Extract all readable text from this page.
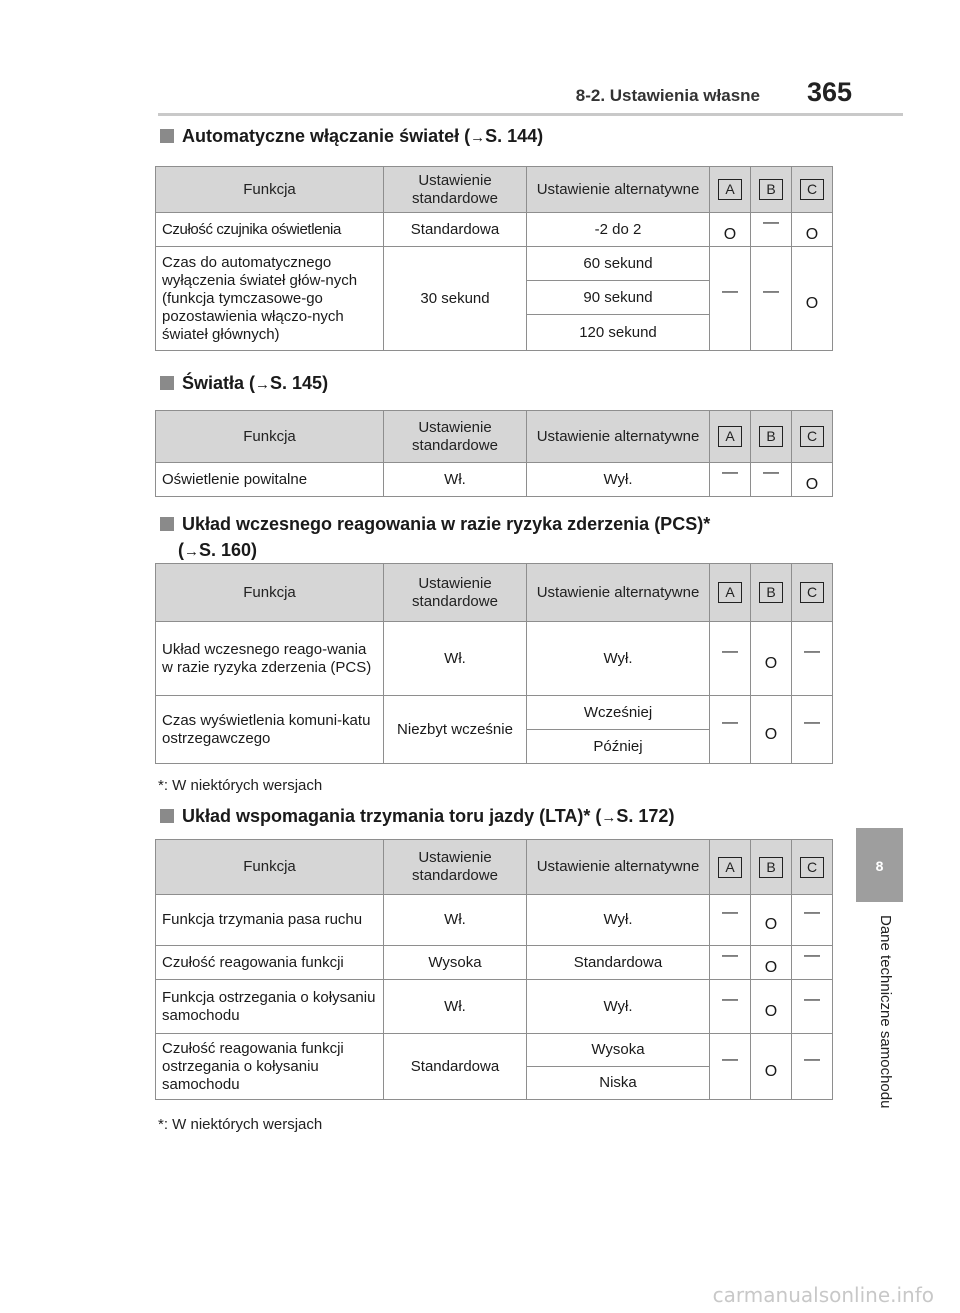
8-2. Ustawienia własne 365
8
Dane techniczne samochodu
Automatyczne włączanie świateł (→S. 144)
Funkcja	Ustawienie standardowe	Ustawienie alternatywne	A	B	C
Czułość czujnika oświetlenia	Standardowa	-2 do 2	O	—	O
Czas do automatycznego wyłączenia świateł głów-nych (funkcja tymczasowe-go pozostawienia włączo-nych świateł głównych)	30 sekund	60 sekund	—	—	O
		90 sekund			
		120 sekund			
Światła (→S. 145)
Funkcja	Ustawienie standardowe	Ustawienie alternatywne	A	B	C
Oświetlenie powitalne	Wł.	Wył.	—	—	O
Układ wczesnego reagowania w razie ryzyka zderzenia (PCS)*
(→S. 160)
Funkcja	Ustawienie standardowe	Ustawienie alternatywne	A	B	C
Układ wczesnego reago-wania w razie ryzyka zderzenia (PCS)	Wł.	Wył.	—	O	—
Czas wyświetlenia komuni-katu ostrzegawczego	Niezbyt wcześnie	Wcześniej	—	O	—
		Później			
*: W niektórych wersjach
Układ wspomagania trzymania toru jazdy (LTA)* (→S. 172)
Funkcja	Ustawienie standardowe	Ustawienie alternatywne	A	B	C
Funkcja trzymania pasa ruchu	Wł.	Wył.	—	O	—
Czułość reagowania funkcji	Wysoka	Standardowa	—	O	—
Funkcja ostrzegania o kołysaniu samochodu	Wł.	Wył.	—	O	—
Czułość reagowania funkcji ostrzegania o kołysaniu samochodu	Standardowa	Wysoka	—	O	—
		Niska			
*: W niektórych wersjach
carmanualsonline.info
